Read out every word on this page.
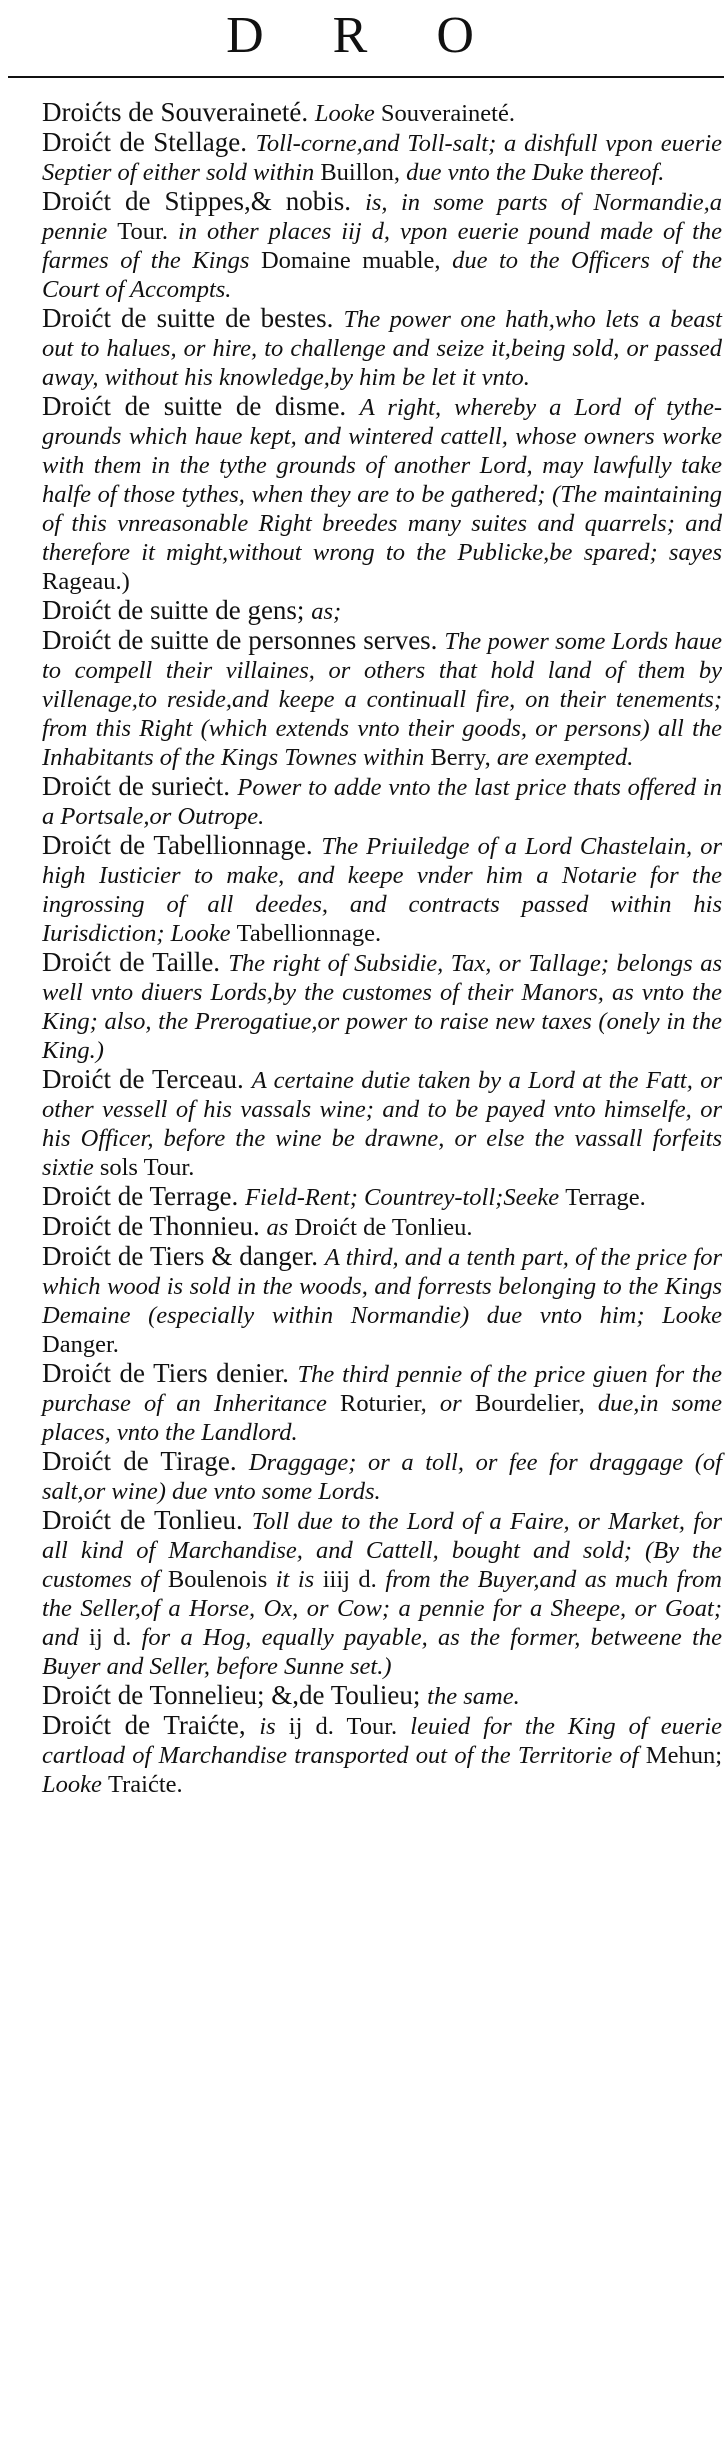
D R O

Droićts de Souveraineté. Looke Souveraineté.

Droićt de Stellage. Toll-corne,and Toll-salt; a dishfull vpon euerie Septier of either sold within Buillon, due vnto the Duke thereof.

Droićt de Stippes,& nobis. is, in some parts of Normandie,a pennie Tour. in other places iij d, vpon euerie pound made of the farmes of the Kings Domaine muable, due to the Officers of the Court of Accompts.

Droićt de suitte de bestes. The power one hath,who lets a beast out to halues, or hire, to challenge and seize it,being sold, or passed away, without his knowledge,by him be let it vnto.

Droićt de suitte de disme. A right, whereby a Lord of tythe-grounds which haue kept, and wintered cattell, whose owners worke with them in the tythe grounds of another Lord, may lawfully take halfe of those tythes, when they are to be gathered; (The maintaining of this vnreasonable Right breedes many suites and quarrels; and therefore it might,without wrong to the Publicke,be spared; sayes Rageau.)

Droićt de suitte de gens; as;

Droićt de suitte de personnes serves. The power some Lords haue to compell their villaines, or others that hold land of them by villenage,to reside,and keepe a continuall fire, on their tenements; from this Right (which extends vnto their goods, or persons) all the Inhabitants of the Kings Townes within Berry, are exempted.

Droićt de surieċt. Power to adde vnto the last price thats offered in a Portsale,or Outrope.

Droićt de Tabellionnage. The Priuiledge of a Lord Chastelain, or high Iusticier to make, and keepe vnder him a Notarie for the ingrossing of all deedes, and contracts passed within his Iurisdiction; Looke Tabellionnage.

Droićt de Taille. The right of Subsidie, Tax, or Tallage; belongs as well vnto diuers Lords,by the customes of their Manors, as vnto the King; also, the Prerogatiue,or power to raise new taxes (onely in the King.)

Droićt de Terceau. A certaine dutie taken by a Lord at the Fatt, or other vessell of his vassals wine; and to be payed vnto himselfe, or his Officer, before the wine be drawne, or else the vassall forfeits sixtie sols Tour.

Droićt de Terrage. Field-Rent; Countrey-toll;Seeke Terrage.

Droićt de Thonnieu. as Droićt de Tonlieu.

Droićt de Tiers & danger. A third, and a tenth part, of the price for which wood is sold in the woods, and forrests belonging to the Kings Demaine (especially within Normandie) due vnto him; Looke Danger.

Droićt de Tiers denier. The third pennie of the price giuen for the purchase of an Inheritance Roturier, or Bourdelier, due,in some places, vnto the Landlord.

Droićt de Tirage. Draggage; or a toll, or fee for draggage (of salt,or wine) due vnto some Lords.

Droićt de Tonlieu. Toll due to the Lord of a Faire, or Market, for all kind of Marchandise, and Cattell, bought and sold; (By the customes of Boulenois it is iiij d. from the Buyer,and as much from the Seller,of a Horse, Ox, or Cow; a pennie for a Sheepe, or Goat; and ij d. for a Hog, equally payable, as the former, betweene the Buyer and Seller, before Sunne set.)

Droićt de Tonnelieu; &,de Toulieu; the same.

Droićt de Traićte, is ij d. Tour. leuied for the King of euerie cartload of Marchandise transported out of the Territorie of Mehun; Looke Traićte.
